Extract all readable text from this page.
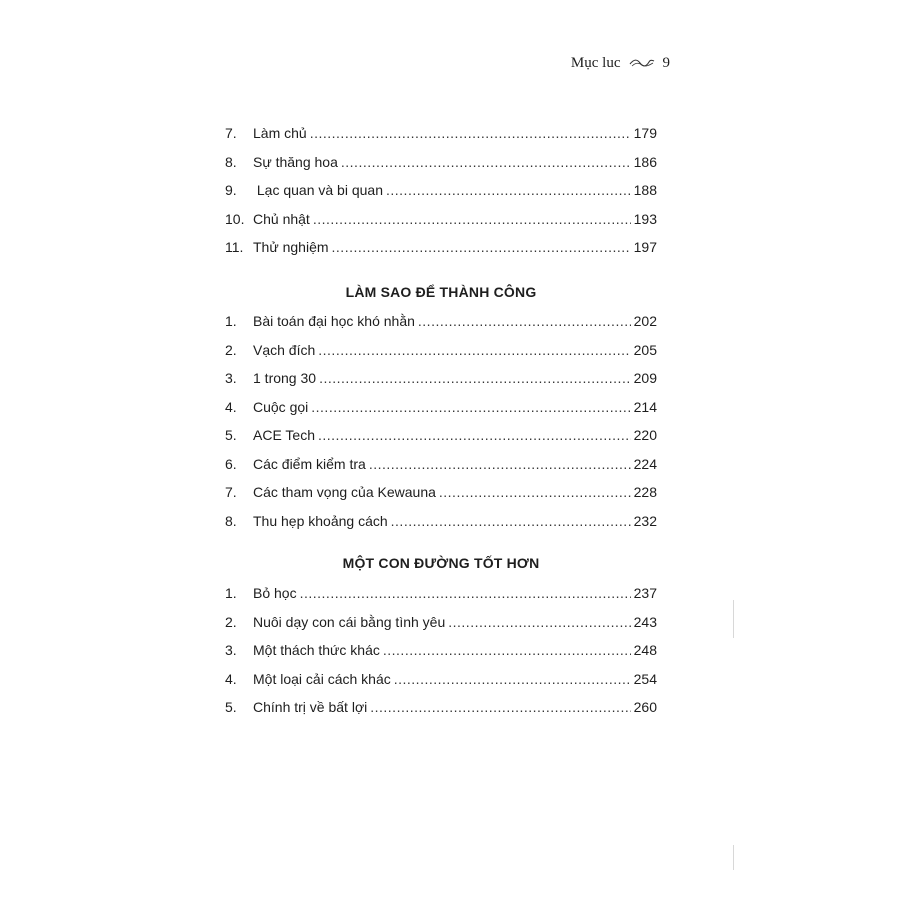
Mục luc	9
7.	Làm chủ .....	179
8.	Sự thăng hoa .....	186
9.	Lạc quan và bi quan .....	188
10. Chủ nhật .....	193
11. Thử nghiệm .....	197
LÀM SAO ĐỂ THÀNH CÔNG
1.	Bài toán đại học khó nhằn .....	202
2.	Vạch đích .....	205
3.	1 trong 30 .....	209
4.	Cuộc gọi .....	214
5.	ACE Tech .....	220
6.	Các điểm kiểm tra .....	224
7.	Các tham vọng của Kewauna .....	228
8.	Thu hẹp khoảng cách .....	232
MỘT CON ĐƯỜNG TỐT HƠN
1.	Bỏ học .....	237
2.	Nuôi dạy con cái bằng tình yêu .....	243
3.	Một thách thức khác .....	248
4.	Một loại cải cách khác .....	254
5.	Chính trị về bất lợi .....	260
